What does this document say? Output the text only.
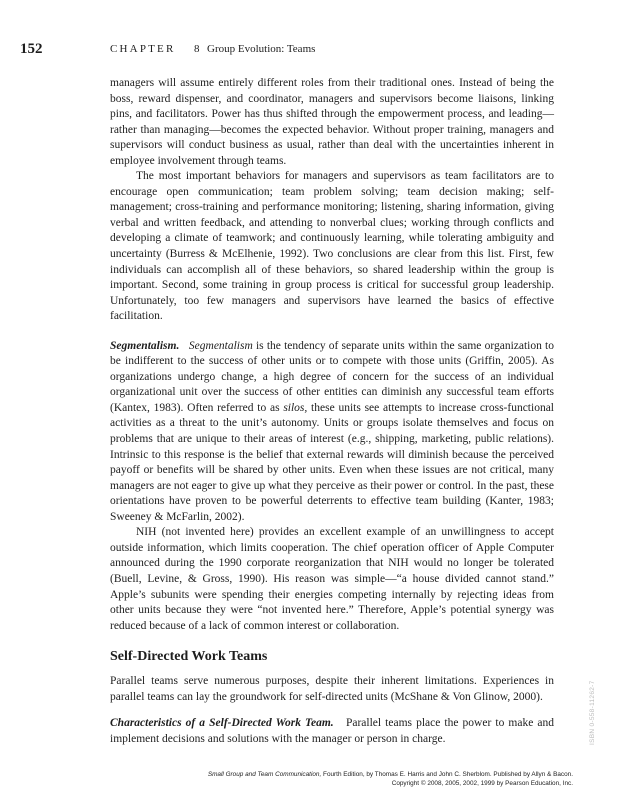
152	CHAPTER 8 Group Evolution: Teams

managers will assume entirely different roles from their traditional ones. Instead of being the boss, reward dispenser, and coordinator, managers and supervisors become liaisons, linking pins, and facilitators. Power has thus shifted through the empowerment process, and leading—rather than managing—becomes the expected behavior. Without proper training, managers and supervisors will conduct business as usual, rather than deal with the uncertainties inherent in employee involvement through teams.

The most important behaviors for managers and supervisors as team facilitators are to encourage open communication; team problem solving; team decision making; self-management; cross-training and performance monitoring; listening, sharing information, giving verbal and written feedback, and attending to nonverbal clues; working through conflicts and developing a climate of teamwork; and continuously learning, while tolerating ambiguity and uncertainty (Burress & McElhenie, 1992). Two conclusions are clear from this list. First, few individuals can accomplish all of these behaviors, so shared leadership within the group is important. Second, some training in group process is critical for successful group leadership. Unfortunately, too few managers and supervisors have learned the basics of effective facilitation.

Segmentalism. Segmentalism is the tendency of separate units within the same organization to be indifferent to the success of other units or to compete with those units (Griffin, 2005). As organizations undergo change, a high degree of concern for the success of an individual organizational unit over the success of other entities can diminish any successful team efforts (Kantex, 1983). Often referred to as silos, these units see attempts to increase cross-functional activities as a threat to the unit’s autonomy. Units or groups isolate themselves and focus on problems that are unique to their areas of interest (e.g., shipping, marketing, public relations). Intrinsic to this response is the belief that external rewards will diminish because the perceived payoff or benefits will be shared by other units. Even when these issues are not critical, many managers are not eager to give up what they perceive as their power or control. In the past, these orientations have proven to be powerful deterrents to effective team building (Kanter, 1983; Sweeney & McFarlin, 2002).

NIH (not invented here) provides an excellent example of an unwillingness to accept outside information, which limits cooperation. The chief operation officer of Apple Computer announced during the 1990 corporate reorganization that NIH would no longer be tolerated (Buell, Levine, & Gross, 1990). His reason was simple—“a house divided cannot stand.” Apple’s subunits were spending their energies competing internally by rejecting ideas from other units because they were “not invented here.” Therefore, Apple’s potential synergy was reduced because of a lack of common interest or collaboration.

Self-Directed Work Teams

Parallel teams serve numerous purposes, despite their inherent limitations. Experiences in parallel teams can lay the groundwork for self-directed units (McShane & Von Glinow, 2000).

Characteristics of a Self-Directed Work Team. Parallel teams place the power to make and implement decisions and solutions with the manager or person in charge.	ISBN 0-558-11262-7
Small Group and Team Communication, Fourth Edition, by Thomas E. Harris and John C. Sherblom. Published by Allyn & Bacon.
Copyright © 2008, 2005, 2002, 1999 by Pearson Education, Inc.
